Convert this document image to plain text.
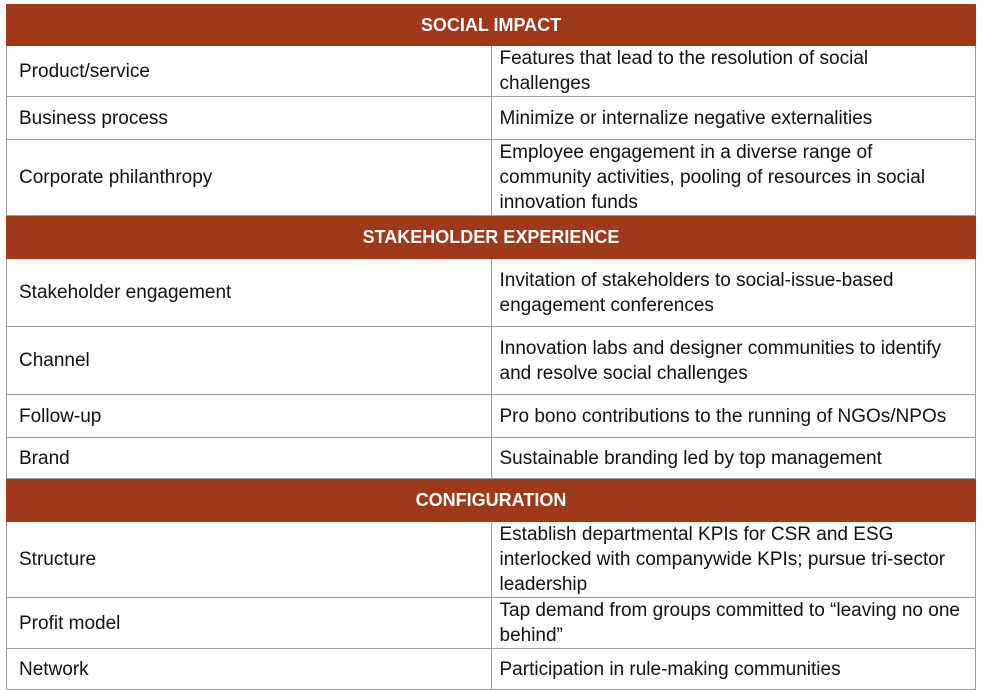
SOCIAL IMPACT	
Product/service	Features that lead to the resolution of social challenges
Business process	Minimize or internalize negative externalities
Corporate philanthropy	Employee engagement in a diverse range of community activities, pooling of resources in social innovation funds
STAKEHOLDER EXPERIENCE	
Stakeholder engagement	Invitation of stakeholders to social-issue-based engagement conferences
Channel	Innovation labs and designer communities to identify and resolve social challenges
Follow-up	Pro bono contributions to the running of NGOs/NPOs
Brand	Sustainable branding led by top management
CONFIGURATION	
Structure	Establish departmental KPIs for CSR and ESG interlocked with companywide KPIs; pursue tri-sector leadership
Profit model	Tap demand from groups committed to “leaving no one behind”
Network	Participation in rule-making communities
